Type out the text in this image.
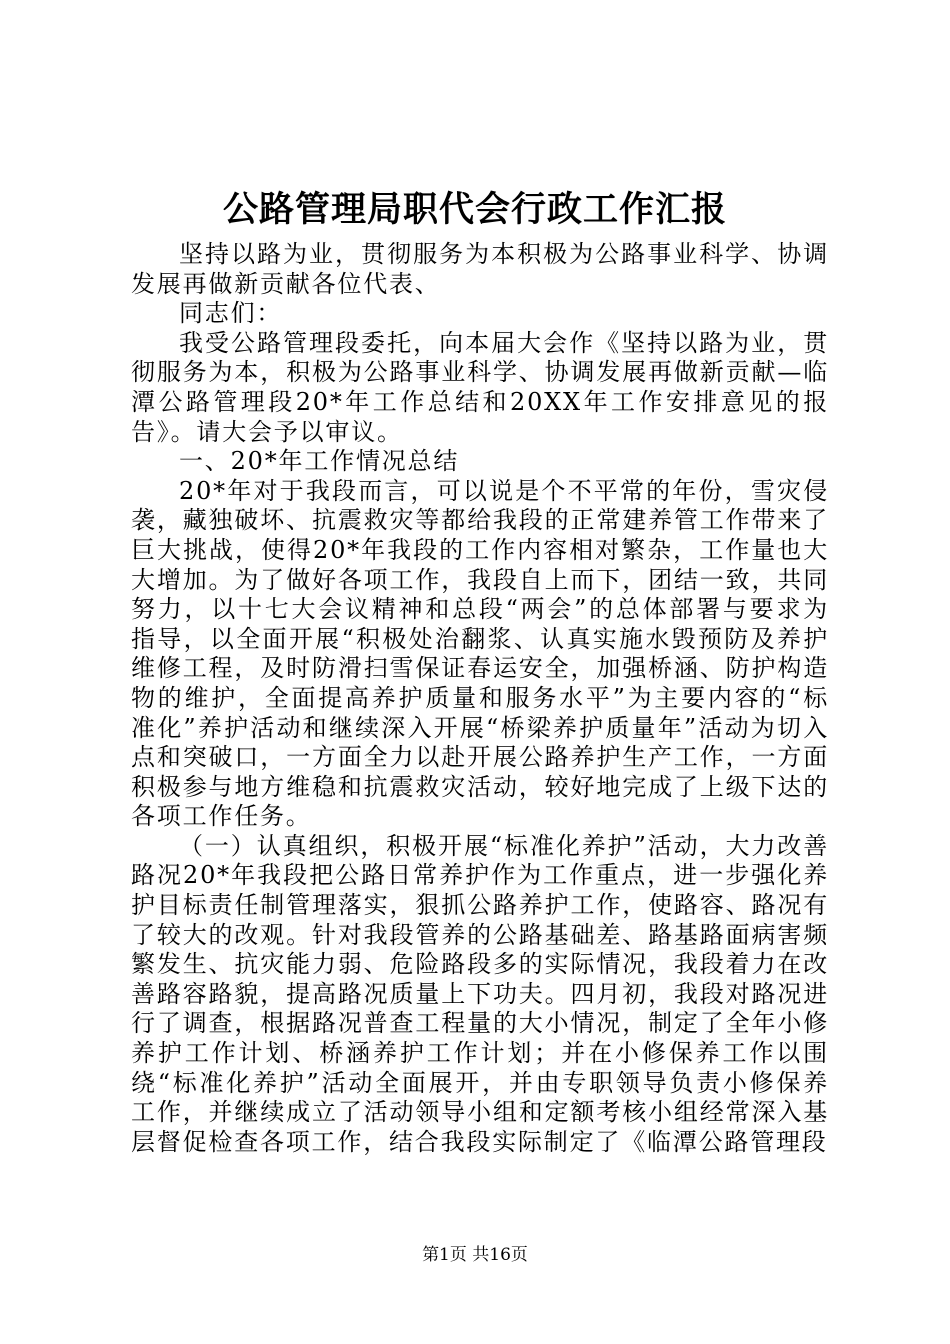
公路管理局职代会行政工作汇报

坚持以路为业，贯彻服务为本积极为公路事业科学、协调发展再做新贡献各位代表、

同志们：

我受公路管理段委托，向本届大会作《坚持以路为业，贯彻服务为本，积极为公路事业科学、协调发展再做新贡献—临潭公路管理段20*年工作总结和20XX年工作安排意见的报告》。请大会予以审议。

一、20*年工作情况总结

20*年对于我段而言，可以说是个不平常的年份，雪灾侵袭，藏独破坏、抗震救灾等都给我段的正常建养管工作带来了巨大挑战，使得20*年我段的工作内容相对繁杂，工作量也大大增加。为了做好各项工作，我段自上而下，团结一致，共同努力，以十七大会议精神和总段“两会”的总体部署与要求为指导，以全面开展“积极处治翻浆、认真实施水毁预防及养护维修工程，及时防滑扫雪保证春运安全，加强桥涵、防护构造物的维护，全面提高养护质量和服务水平”为主要内容的“标准化”养护活动和继续深入开展“桥梁养护质量年”活动为切入点和突破口，一方面全力以赴开展公路养护生产工作，一方面积极参与地方维稳和抗震救灾活动，较好地完成了上级下达的各项工作任务。

（一）认真组织，积极开展“标准化养护”活动，大力改善路况20*年我段把公路日常养护作为工作重点，进一步强化养护目标责任制管理落实，狠抓公路养护工作，使路容、路况有了较大的改观。针对我段管养的公路基础差、路基路面病害频繁发生、抗灾能力弱、危险路段多的实际情况，我段着力在改善路容路貌，提高路况质量上下功夫。四月初，我段对路况进行了调查，根据路况普查工程量的大小情况，制定了全年小修养护工作计划、桥涵养护工作计划；并在小修保养工作以围绕“标准化养护”活动全面展开，并由专职领导负责小修保养工作，并继续成立了活动领导小组和定额考核小组经常深入基层督促检查各项工作，结合我段实际制定了《临潭公路管理段

第1页 共16页
